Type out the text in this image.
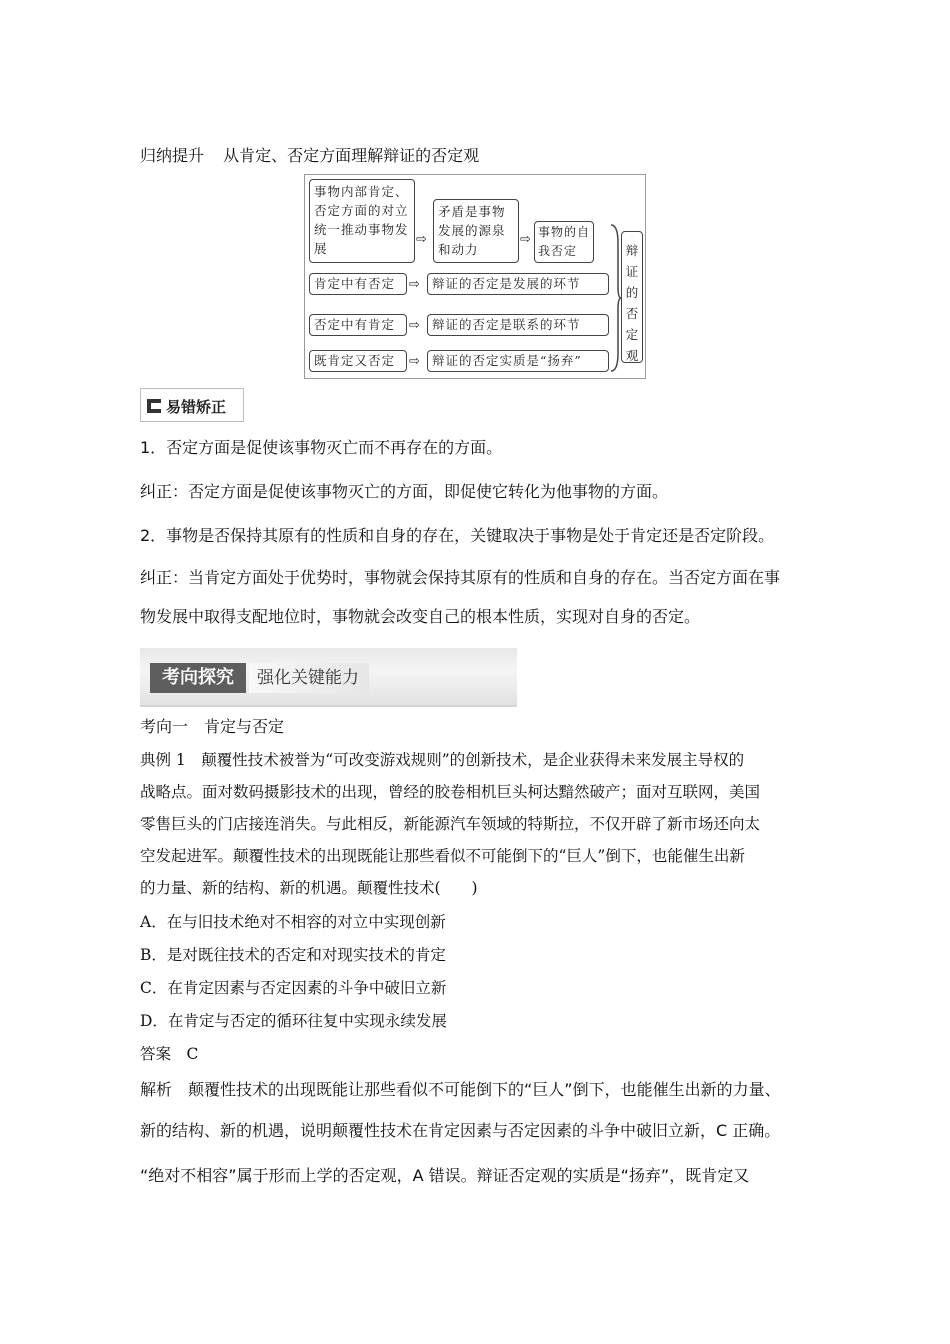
归纳提升 从肯定、否定方面理解辩证的否定观
事物内部肯定、否定方面的对立统一推动事物发展
⇨
矛盾是事物发展的源泉和动力
⇨ 事物的自我否定
肯定中有否定	⇨ 辩证的否定是发展的环节
否定中有肯定	⇨ 辩证的否定是联系的环节
既肯定又否定	⇨ 辩证的否定实质是“扬弃”
辩证的否定观
易错矫正
1．否定方面是促使该事物灭亡而不再存在的方面。
纠正：否定方面是促使该事物灭亡的方面，即促使它转化为他事物的方面。
2．事物是否保持其原有的性质和自身的存在，关键取决于事物是处于肯定还是否定阶段。
纠正：当肯定方面处于优势时，事物就会保持其原有的性质和自身的存在。当否定方面在事
物发展中取得支配地位时，事物就会改变自己的根本性质，实现对自身的否定。
考向探究	强化关键能力
考向一　肯定与否定
典例 1　颠覆性技术被誉为“可改变游戏规则”的创新技术，是企业获得未来发展主导权的
战略点。面对数码摄影技术的出现，曾经的胶卷相机巨头柯达黯然破产；面对互联网，美国
零售巨头的门店接连消失。与此相反，新能源汽车领域的特斯拉，不仅开辟了新市场还向太
空发起进军。颠覆性技术的出现既能让那些看似不可能倒下的“巨人”倒下，也能催生出新
的力量、新的结构、新的机遇。颠覆性技术(　　)
A．在与旧技术绝对不相容的对立中实现创新
B．是对既往技术的否定和对现实技术的肯定
C．在肯定因素与否定因素的斗争中破旧立新
D．在肯定与否定的循环往复中实现永续发展
答案　C
解析　颠覆性技术的出现既能让那些看似不可能倒下的“巨人”倒下，也能催生出新的力量、
新的结构、新的机遇，说明颠覆性技术在肯定因素与否定因素的斗争中破旧立新，C 正确。
“绝对不相容”属于形而上学的否定观，A 错误。辩证否定观的实质是“扬弃”，既肯定又
